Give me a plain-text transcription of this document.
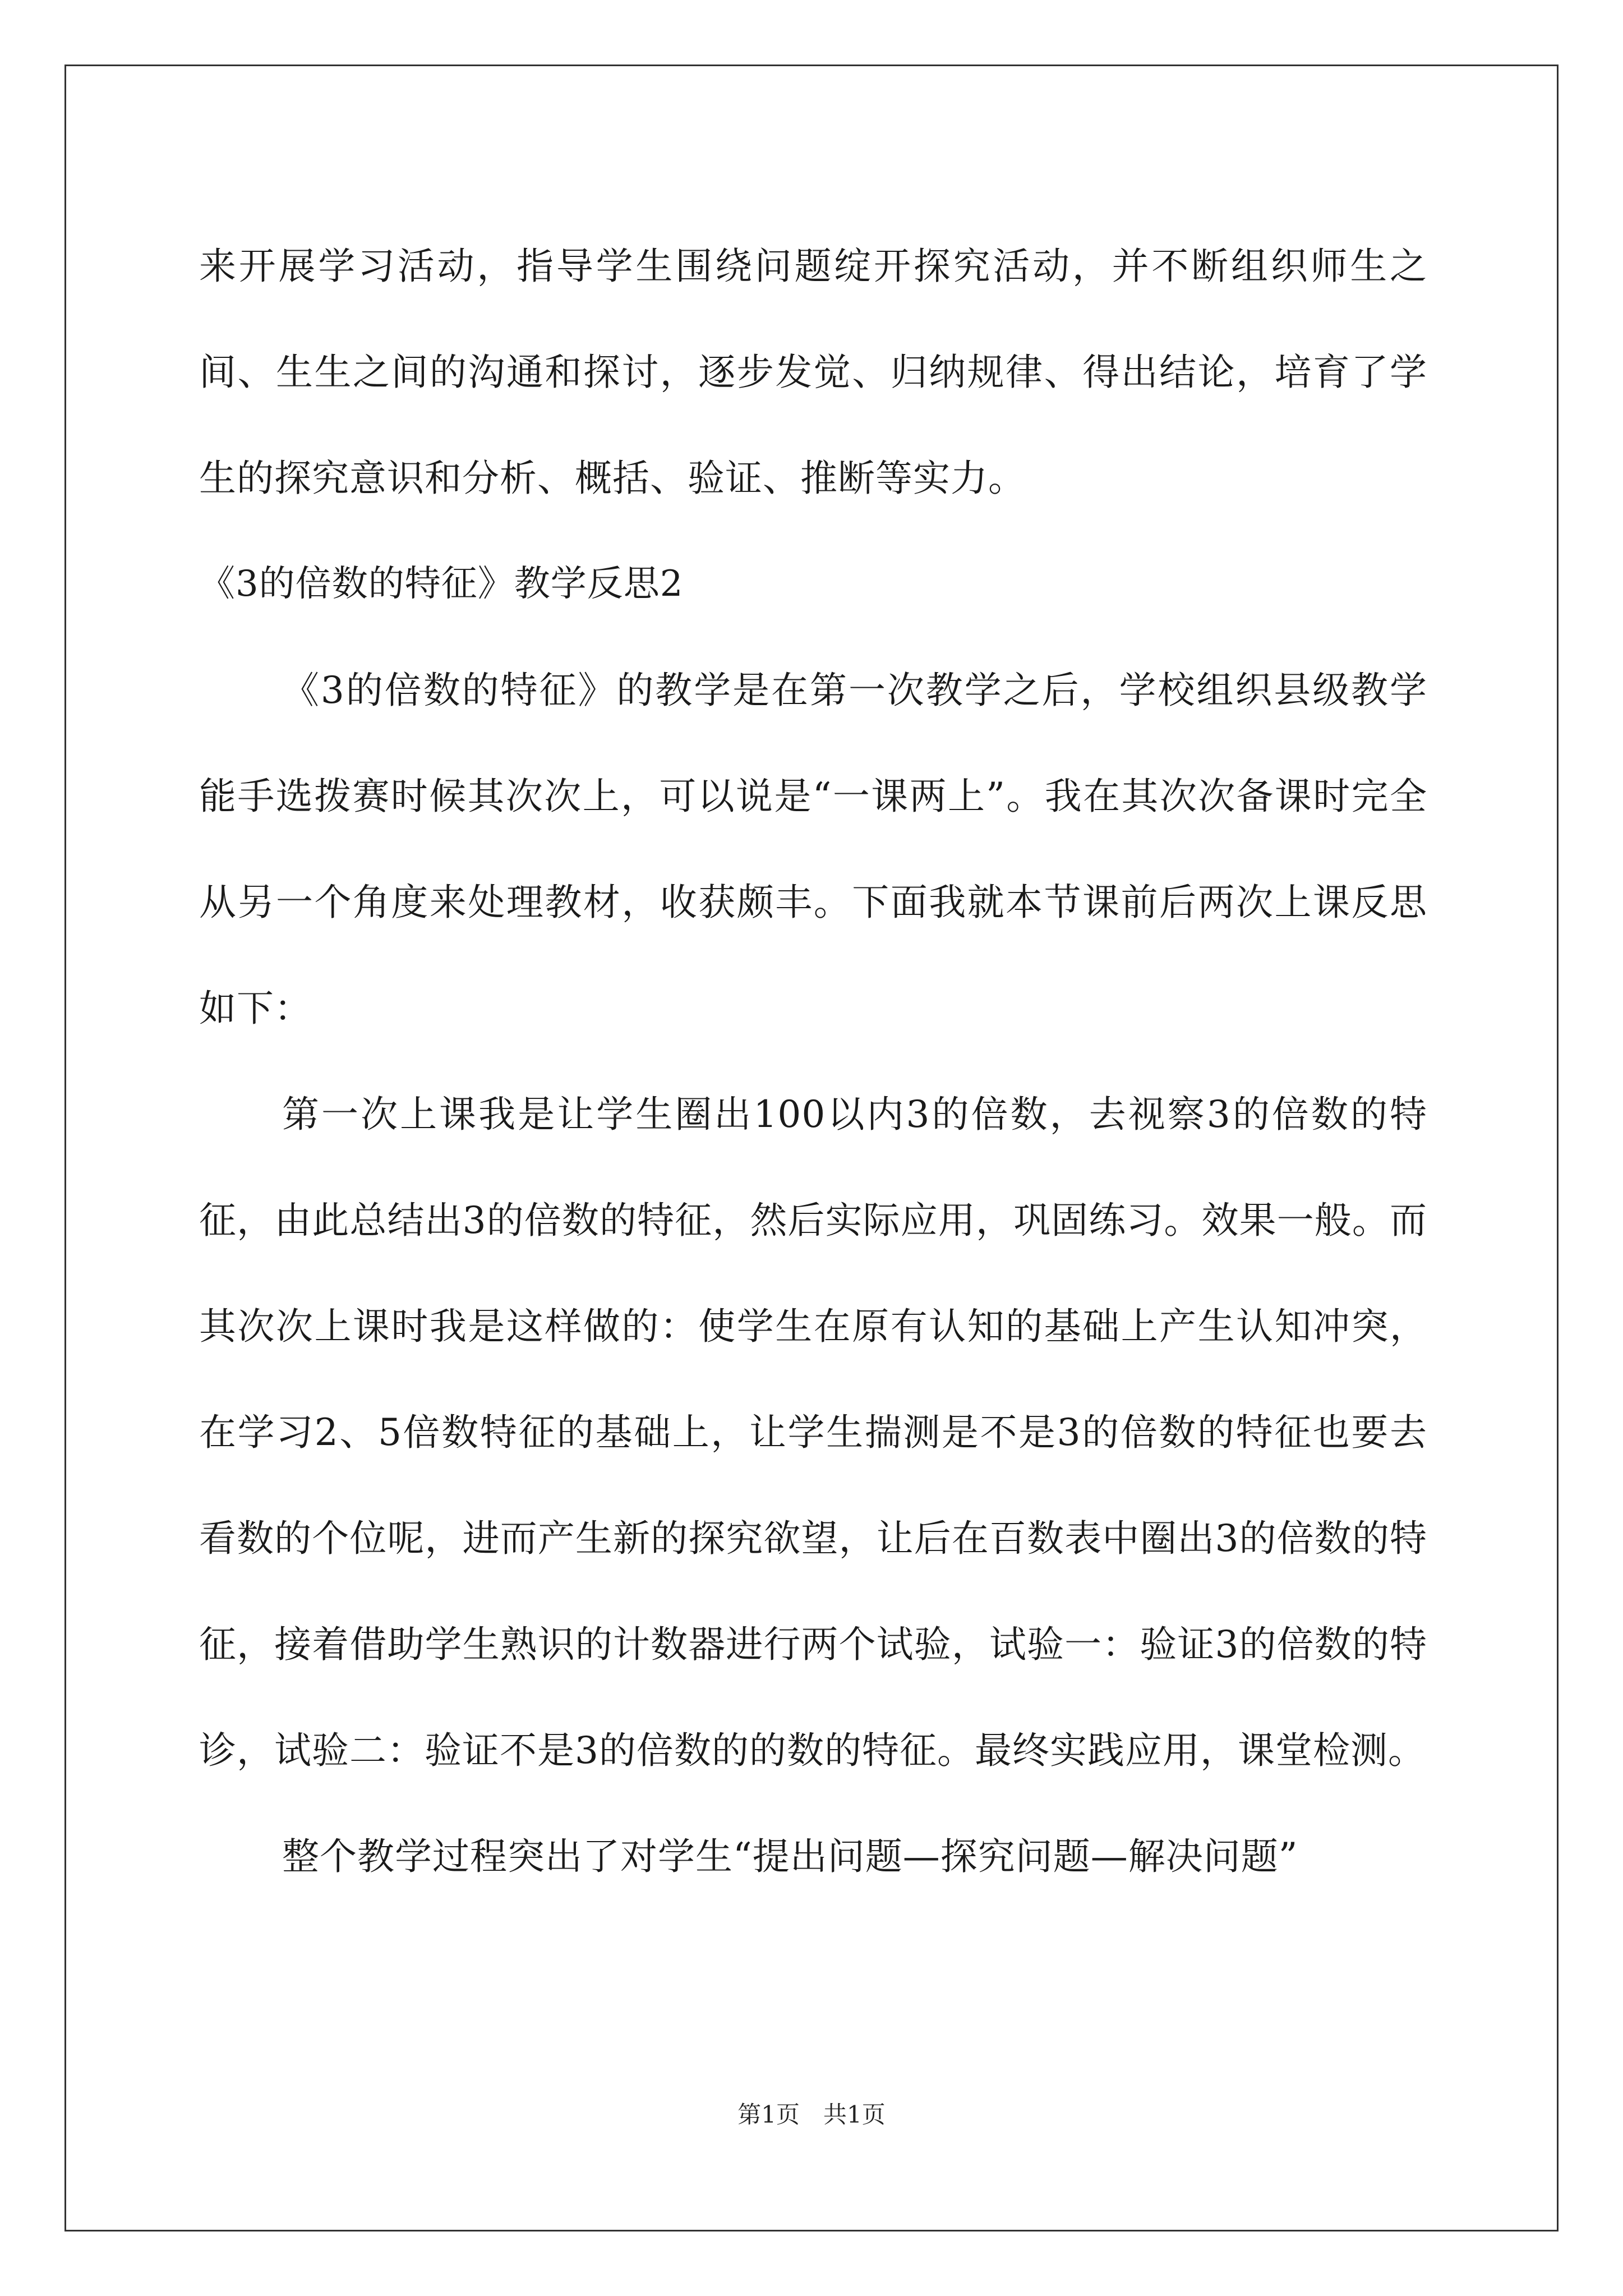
来开展学习活动，指导学生围绕问题绽开探究活动，并不断组织师生之间、生生之间的沟通和探讨，逐步发觉、归纳规律、得出结论，培育了学生的探究意识和分析、概括、验证、推断等实力。

《3的倍数的特征》教学反思2

《3的倍数的特征》的教学是在第一次教学之后，学校组织县级教学能手选拨赛时候其次次上，可以说是“一课两上”。我在其次次备课时完全从另一个角度来处理教材，收获颇丰。下面我就本节课前后两次上课反思如下：

第一次上课我是让学生圈出100以内3的倍数，去视察3的倍数的特征，由此总结出3的倍数的特征，然后实际应用，巩固练习。效果一般。而其次次上课时我是这样做的：使学生在原有认知的基础上产生认知冲突，在学习2、5倍数特征的基础上，让学生揣测是不是3的倍数的特征也要去看数的个位呢，进而产生新的探究欲望，让后在百数表中圈出3的倍数的特征，接着借助学生熟识的计数器进行两个试验，试验一：验证3的倍数的特诊，试验二：验证不是3的倍数的的数的特征。最终实践应用，课堂检测。

整个教学过程突出了对学生“提出问题—探究问题—解决问题”

第1页　共1页
